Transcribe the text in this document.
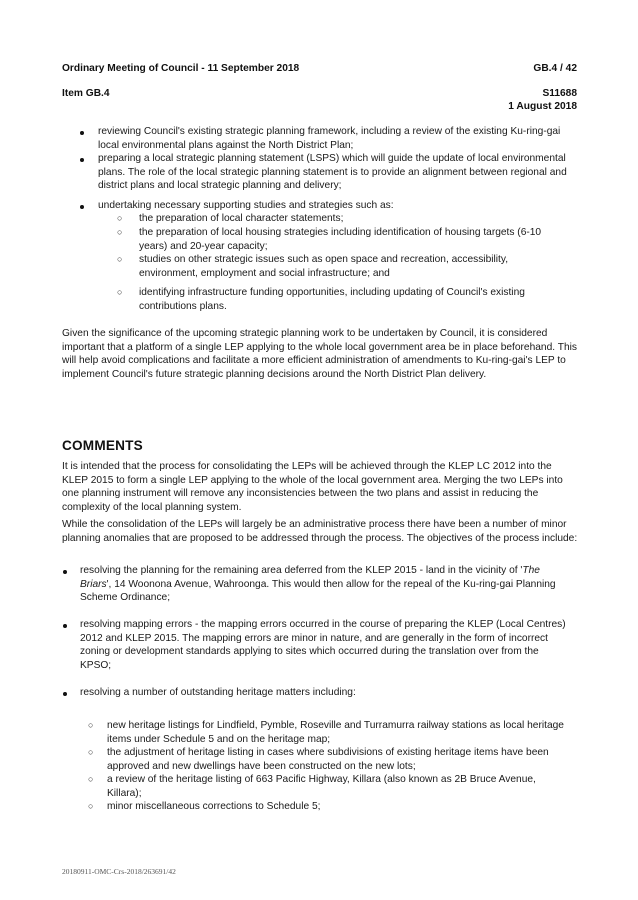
Ordinary Meeting of Council - 11 September 2018	GB.4 / 42
Item GB.4	S11688
1 August 2018
reviewing Council's existing strategic planning framework, including a review of the existing Ku-ring-gai local environmental plans against the North District Plan;
preparing a local strategic planning statement (LSPS) which will guide the update of local environmental plans. The role of the local strategic planning statement is to provide an alignment between regional and district plans and local strategic planning and delivery;
undertaking necessary supporting studies and strategies such as:
○ the preparation of local character statements;
○ the preparation of local housing strategies including identification of housing targets (6-10 years) and 20-year capacity;
○ studies on other strategic issues such as open space and recreation, accessibility, environment, employment and social infrastructure; and
○ identifying infrastructure funding opportunities, including updating of Council's existing contributions plans.

Given the significance of the upcoming strategic planning work to be undertaken by Council, it is considered important that a platform of a single LEP applying to the whole local government area be in place beforehand. This will help avoid complications and facilitate a more efficient administration of amendments to Ku-ring-gai's LEP to implement Council's future strategic planning decisions around the North District Plan delivery.

COMMENTS

It is intended that the process for consolidating the LEPs will be achieved through the KLEP LC 2012 into the KLEP 2015 to form a single LEP applying to the whole of the local government area. Merging the two LEPs into one planning instrument will remove any inconsistencies between the two plans and assist in reducing the complexity of the local planning system.

While the consolidation of the LEPs will largely be an administrative process there have been a number of minor planning anomalies that are proposed to be addressed through the process. The objectives of the process include:

resolving the planning for the remaining area deferred from the KLEP 2015 - land in the vicinity of 'The Briars', 14 Woonona Avenue, Wahroonga. This would then allow for the repeal of the Ku-ring-gai Planning Scheme Ordinance;
resolving mapping errors - the mapping errors occurred in the course of preparing the KLEP (Local Centres) 2012 and KLEP 2015. The mapping errors are minor in nature, and are generally in the form of incorrect zoning or development standards applying to sites which occurred during the translation over from the KPSO;
resolving a number of outstanding heritage matters including:
○ new heritage listings for Lindfield, Pymble, Roseville and Turramurra railway stations as local heritage items under Schedule 5 and on the heritage map;
○ the adjustment of heritage listing in cases where subdivisions of existing heritage items have been approved and new dwellings have been constructed on the new lots;
○ a review of the heritage listing of 663 Pacific Highway, Killara (also known as 2B Bruce Avenue, Killara);
○ minor miscellaneous corrections to Schedule 5;
20180911-OMC-Crs-2018/263691/42
